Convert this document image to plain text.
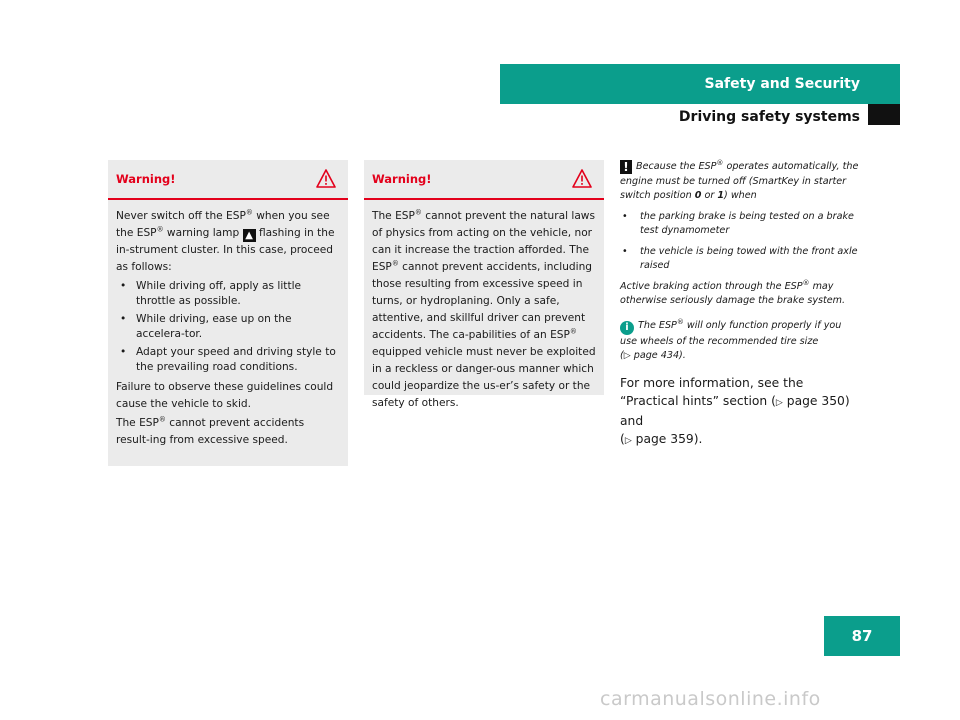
Safety and Security
Driving safety systems
Warning!

Never switch off the ESP® when you see the ESP® warning lamp ▲ flashing in the in-strument cluster. In this case, proceed as follows:

• While driving off, apply as little throttle as possible.
• While driving, ease up on the accelera-tor.
• Adapt your speed and driving style to the prevailing road conditions.

Failure to observe these guidelines could cause the vehicle to skid.

The ESP® cannot prevent accidents result-ing from excessive speed.

Warning!

The ESP® cannot prevent the natural laws of physics from acting on the vehicle, nor can it increase the traction afforded. The ESP® cannot prevent accidents, including those resulting from excessive speed in turns, or hydroplaning. Only a safe, attentive, and skillful driver can prevent accidents. The ca-pabilities of an ESP® equipped vehicle must never be exploited in a reckless or danger-ous manner which could jeopardize the us-er’s safety or the safety of others.

! Because the ESP® operates automatically, the engine must be turned off (SmartKey in starter switch position 0 or 1) when

• the parking brake is being tested on a brake test dynamometer
• the vehicle is being towed with the front axle raised

Active braking action through the ESP® may otherwise seriously damage the brake system.

i The ESP® will only function properly if you use wheels of the recommended tire size
(▷ page 434).

For more information, see the “Practical hints” section (▷ page 350) and
(▷ page 359).

87
carmanualsonline.info
